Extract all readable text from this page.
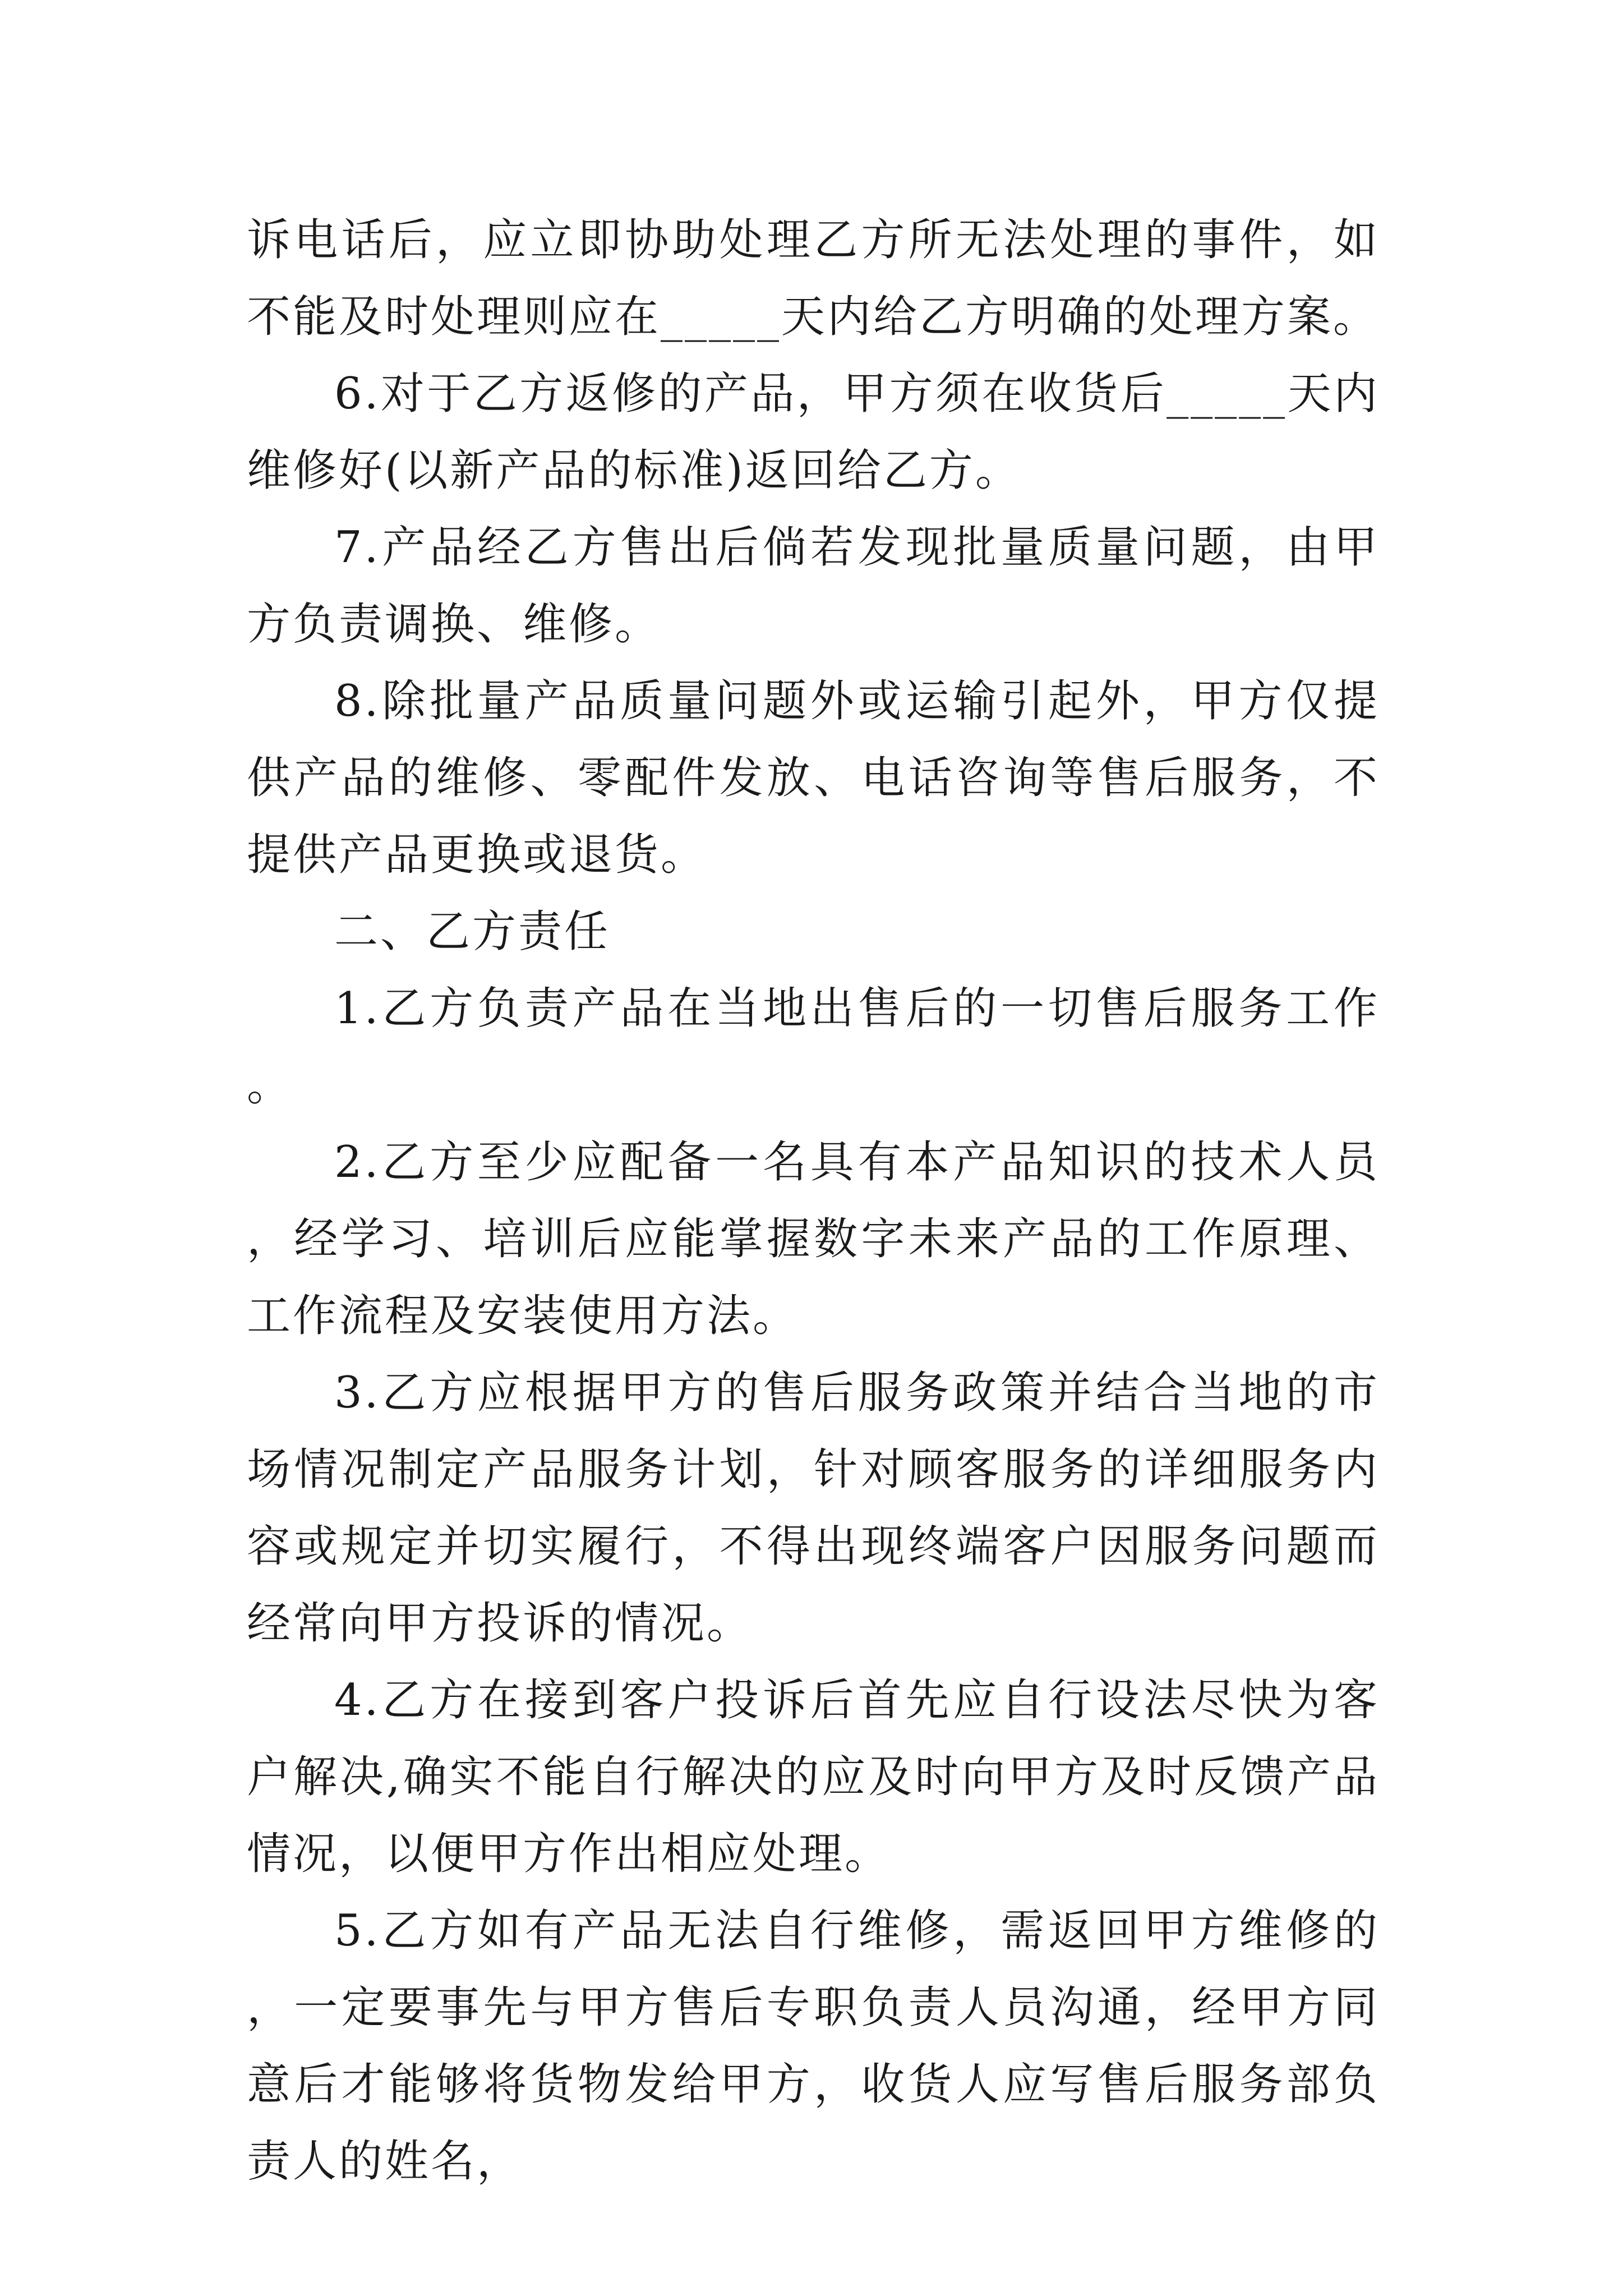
诉电话后，应立即协助处理乙方所无法处理的事件，如不能及时处理则应在_____天内给乙方明确的处理方案。

6.对于乙方返修的产品，甲方须在收货后_____天内维修好(以新产品的标准)返回给乙方。

7.产品经乙方售出后倘若发现批量质量问题，由甲方负责调换、维修。

8.除批量产品质量问题外或运输引起外，甲方仅提供产品的维修、零配件发放、电话咨询等售后服务，不提供产品更换或退货。

二、乙方责任

1.乙方负责产品在当地出售后的一切售后服务工作。

2.乙方至少应配备一名具有本产品知识的技术人员，经学习、培训后应能掌握数字未来产品的工作原理、工作流程及安装使用方法。

3.乙方应根据甲方的售后服务政策并结合当地的市场情况制定产品服务计划，针对顾客服务的详细服务内容或规定并切实履行，不得出现终端客户因服务问题而经常向甲方投诉的情况。

4.乙方在接到客户投诉后首先应自行设法尽快为客户解决,确实不能自行解决的应及时向甲方及时反馈产品情况，以便甲方作出相应处理。

5.乙方如有产品无法自行维修，需返回甲方维修的，一定要事先与甲方售后专职负责人员沟通，经甲方同意后才能够将货物发给甲方，收货人应写售后服务部负责人的姓名，
